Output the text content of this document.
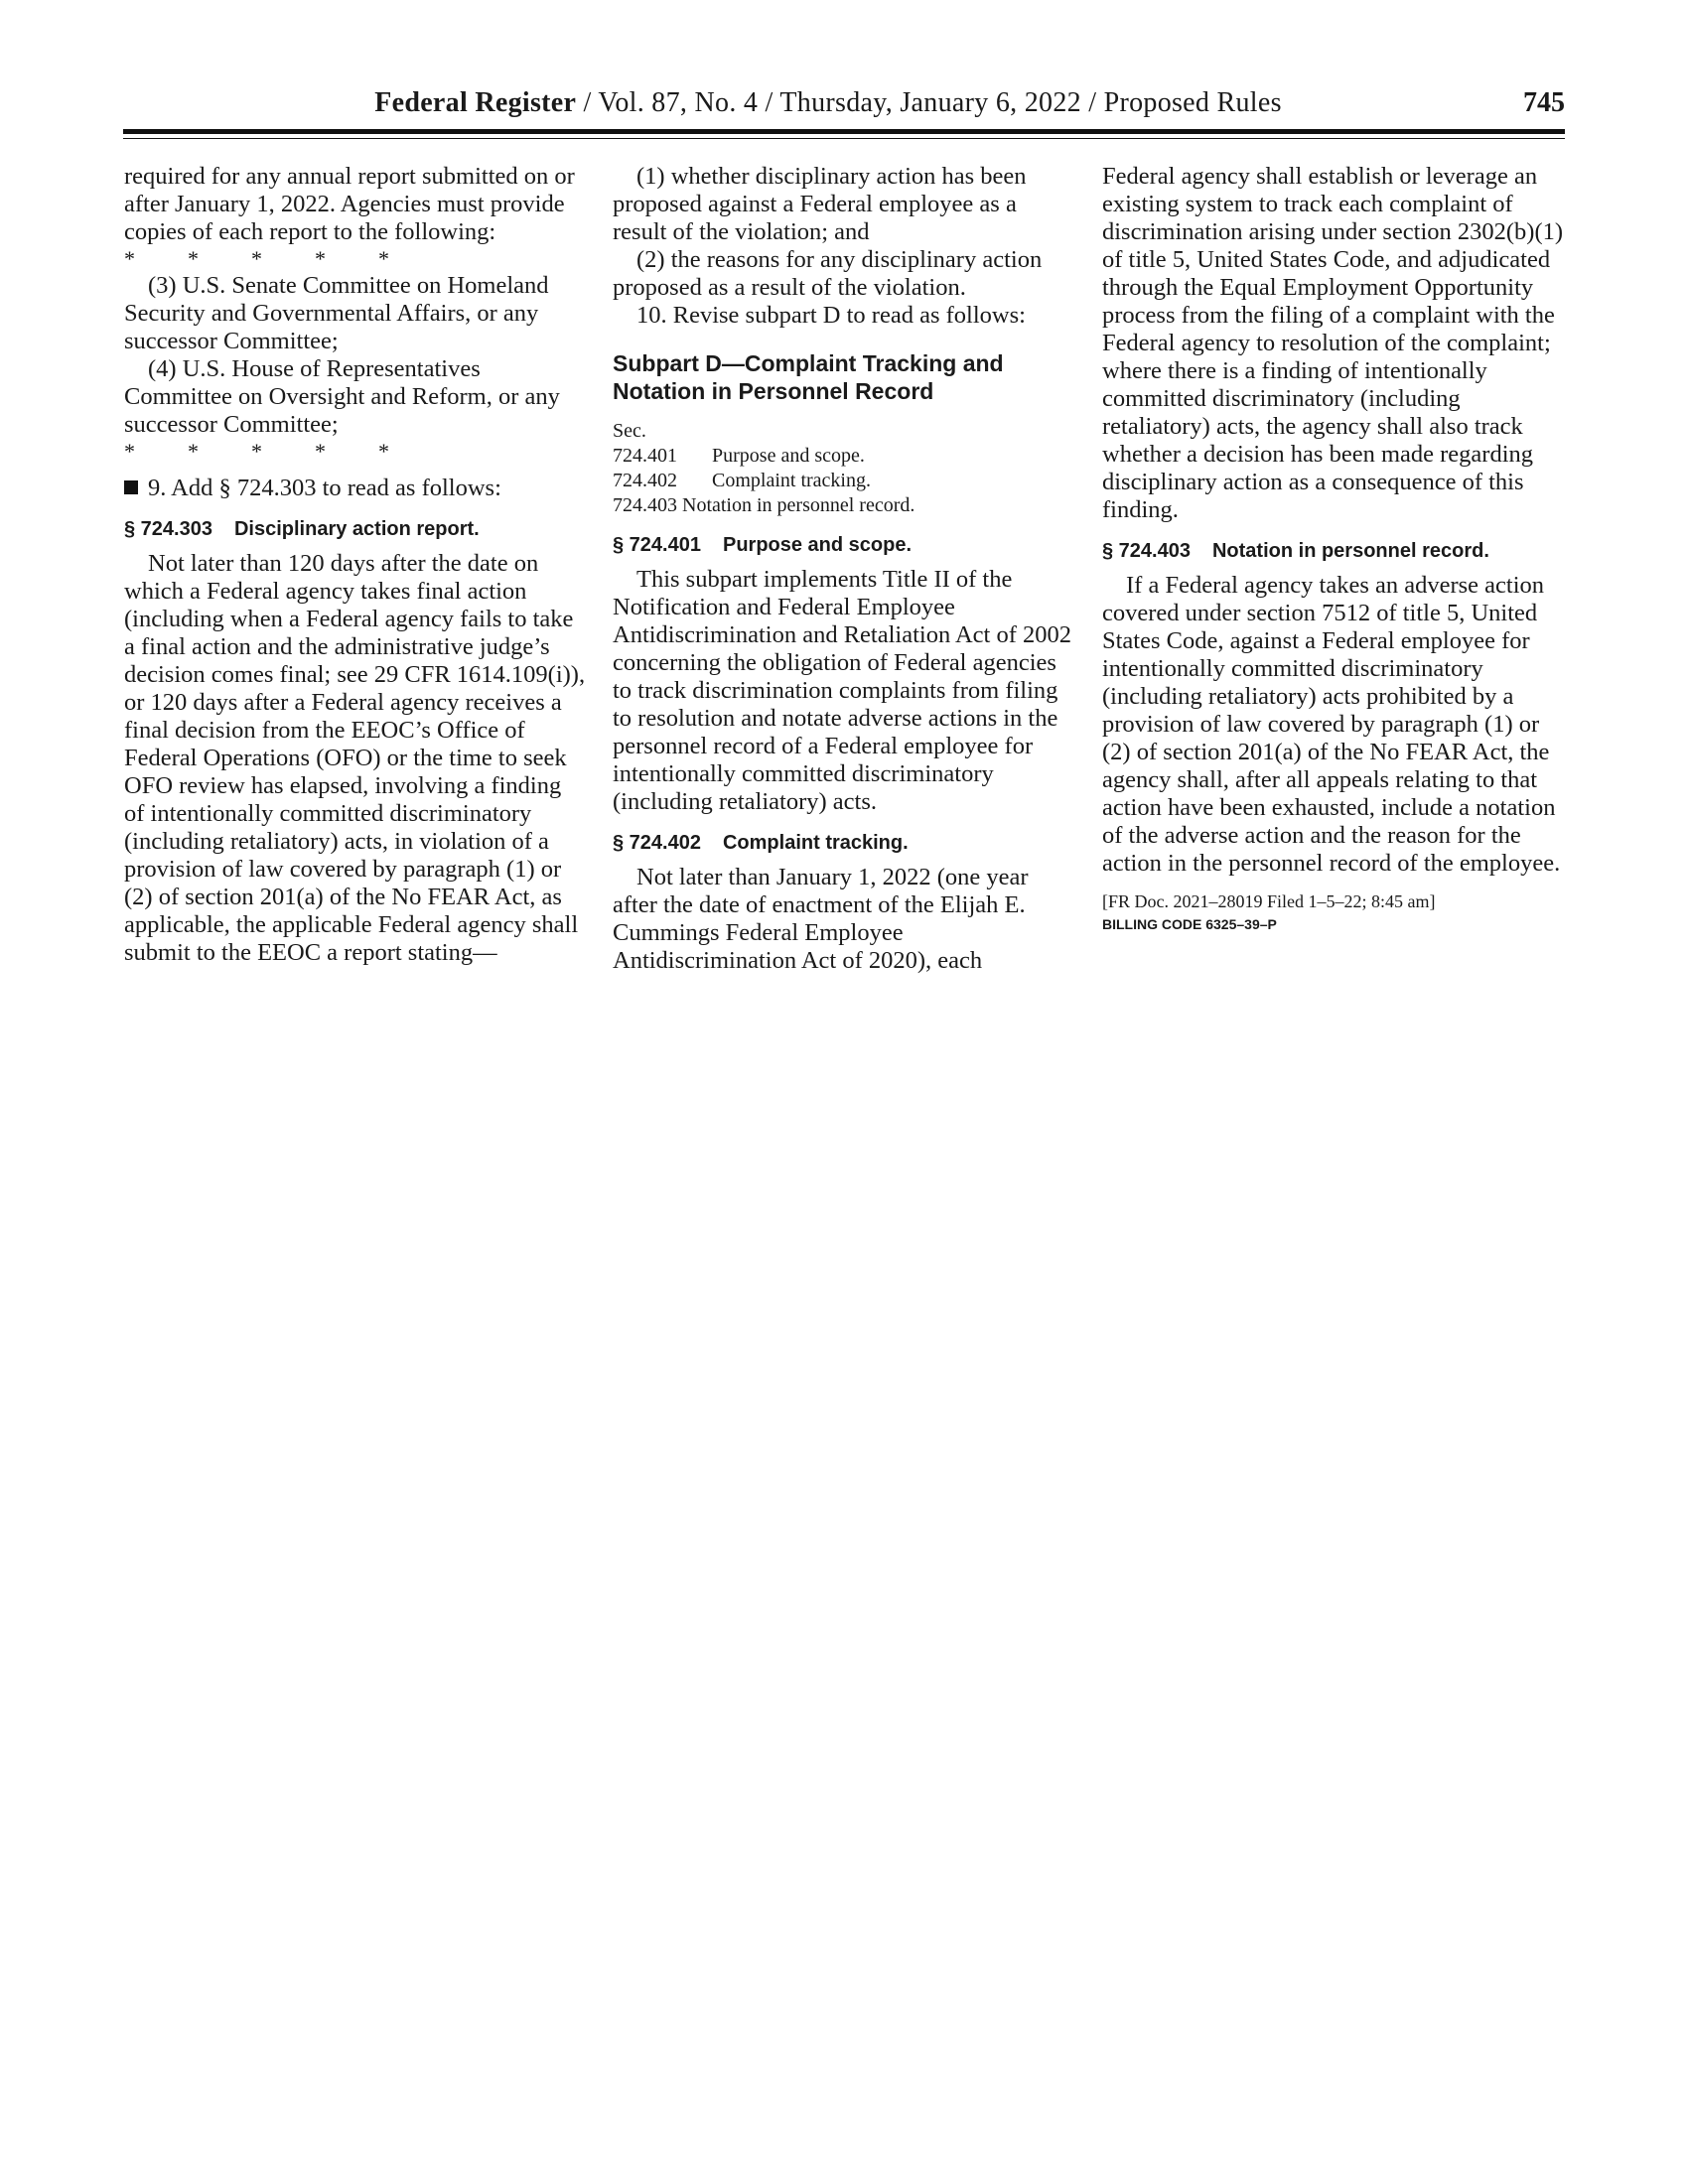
Federal Register / Vol. 87, No. 4 / Thursday, January 6, 2022 / Proposed Rules	745

required for any annual report submitted on or after January 1, 2022. Agencies must provide copies of each report to the following:

* * * * *

(3) U.S. Senate Committee on Homeland Security and Governmental Affairs, or any successor Committee;

(4) U.S. House of Representatives Committee on Oversight and Reform, or any successor Committee;

* * * * *

9. Add § 724.303 to read as follows:

§ 724.303 Disciplinary action report.

Not later than 120 days after the date on which a Federal agency takes final action (including when a Federal agency fails to take a final action and the administrative judge’s decision comes final; see 29 CFR 1614.109(i)), or 120 days after a Federal agency receives a final decision from the EEOC’s Office of Federal Operations (OFO) or the time to seek OFO review has elapsed, involving a finding of intentionally committed discriminatory (including retaliatory) acts, in violation of a provision of law covered by paragraph (1) or (2) of section 201(a) of the No FEAR Act, as applicable, the applicable Federal agency shall submit to the EEOC a report stating—

(1) whether disciplinary action has been proposed against a Federal employee as a result of the violation; and

(2) the reasons for any disciplinary action proposed as a result of the violation.

10. Revise subpart D to read as follows:

Subpart D—Complaint Tracking and Notation in Personnel Record
Sec.
724.401 Purpose and scope.
724.402 Complaint tracking.
724.403 Notation in personnel record.
§ 724.401 Purpose and scope.

This subpart implements Title II of the Notification and Federal Employee Antidiscrimination and Retaliation Act of 2002 concerning the obligation of Federal agencies to track discrimination complaints from filing to resolution and notate adverse actions in the personnel record of a Federal employee for intentionally committed discriminatory (including retaliatory) acts.

§ 724.402 Complaint tracking.

Not later than January 1, 2022 (one year after the date of enactment of the Elijah E. Cummings Federal Employee Antidiscrimination Act of 2020), each

Federal agency shall establish or leverage an existing system to track each complaint of discrimination arising under section 2302(b)(1) of title 5, United States Code, and adjudicated through the Equal Employment Opportunity process from the filing of a complaint with the Federal agency to resolution of the complaint; where there is a finding of intentionally committed discriminatory (including retaliatory) acts, the agency shall also track whether a decision has been made regarding disciplinary action as a consequence of this finding.

§ 724.403 Notation in personnel record.

If a Federal agency takes an adverse action covered under section 7512 of title 5, United States Code, against a Federal employee for intentionally committed discriminatory (including retaliatory) acts prohibited by a provision of law covered by paragraph (1) or (2) of section 201(a) of the No FEAR Act, the agency shall, after all appeals relating to that action have been exhausted, include a notation of the adverse action and the reason for the action in the personnel record of the employee.

[FR Doc. 2021–28019 Filed 1–5–22; 8:45 am]
BILLING CODE 6325–39–P
